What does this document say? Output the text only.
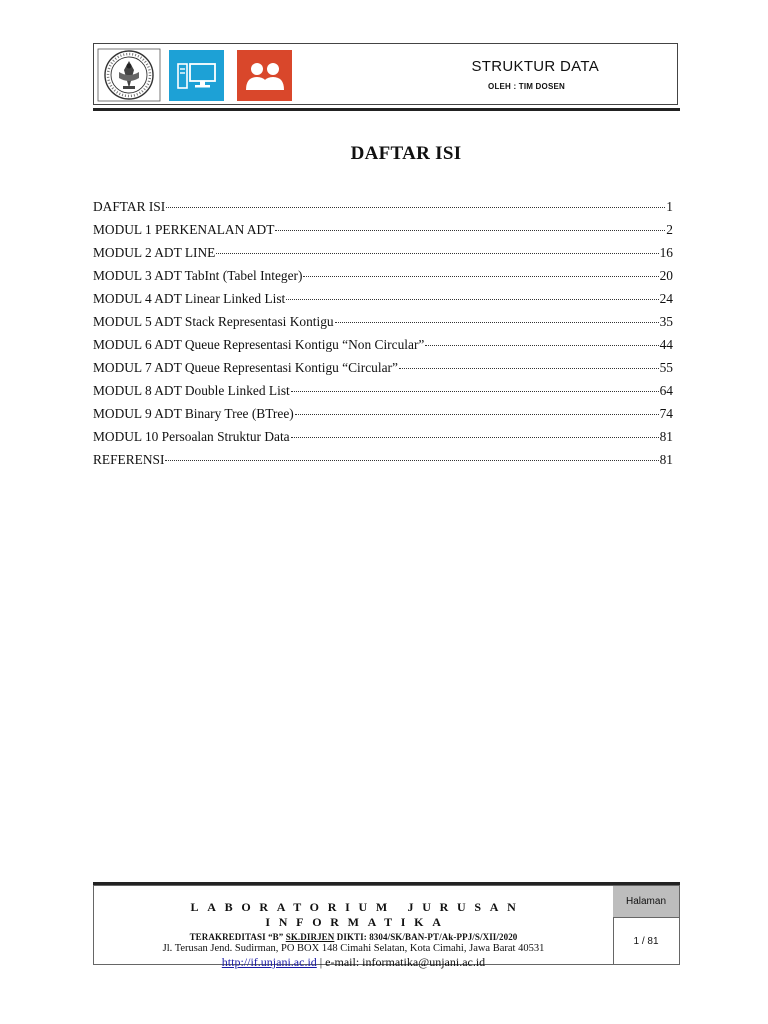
STRUKTUR DATA
OLEH : TIM DOSEN
DAFTAR ISI
DAFTAR ISI	1
MODUL 1 PERKENALAN ADT	2
MODUL 2 ADT LINE	16
MODUL 3 ADT TabInt (Tabel Integer)	20
MODUL 4 ADT Linear Linked List	24
MODUL 5 ADT Stack Representasi Kontigu	35
MODUL 6 ADT Queue Representasi Kontigu “Non Circular”	44
MODUL 7 ADT Queue Representasi Kontigu “Circular”	55
MODUL 8 ADT Double Linked List	64
MODUL 9 ADT Binary Tree (BTree)	74
MODUL 10 Persoalan Struktur Data	81
REFERENSI	81
LABORATORIUM JURUSAN INFORMATIKA
TERAKREDITASI “B” SK.DIRJEN DIKTI: 8304/SK/BAN-PT/Ak-PPJ/S/XII/2020
Jl. Terusan Jend. Sudirman, PO BOX 148 Cimahi Selatan, Kota Cimahi, Jawa Barat 40531
http://if.unjani.ac.id | e-mail: informatika@unjani.ac.id
Halaman
1 / 81
